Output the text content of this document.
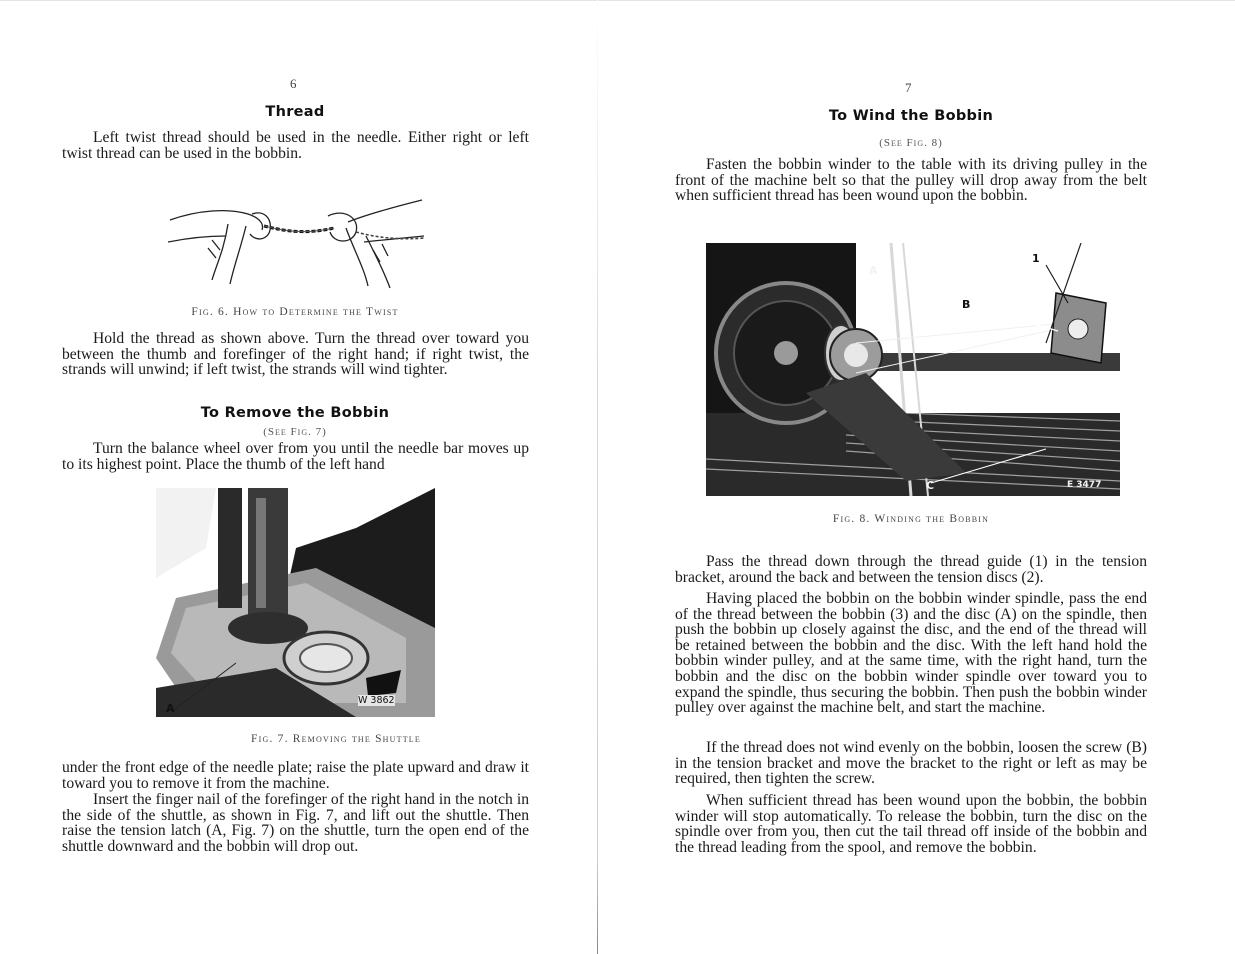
6
Thread

Left twist thread should be used in the needle. Either right or left twist thread can be used in the bobbin.

Fig. 6. How to Determine the Twist

Hold the thread as shown above. Turn the thread over toward you between the thumb and forefinger of the right hand; if right twist, the strands will unwind; if left twist, the strands will wind tighter.

To Remove the Bobbin
(See Fig. 7)

Turn the balance wheel over from you until the needle bar moves up to its highest point. Place the thumb of the left hand

A
W 3862
Fig. 7. Removing the Shuttle

under the front edge of the needle plate; raise the plate upward and draw it toward you to remove it from the machine.

Insert the finger nail of the forefinger of the right hand in the notch in the side of the shuttle, as shown in Fig. 7, and lift out the shuttle. Then raise the tension latch (A, Fig. 7) on the shuttle, turn the open end of the shuttle downward and the bobbin will drop out.

7
To Wind the Bobbin
(See Fig. 8)

Fasten the bobbin winder to the table with its driving pulley in the front of the machine belt so that the pulley will drop away from the belt when sufficient thread has been wound upon the bobbin.

A
B
C
1
E 3477
Fig. 8. Winding the Bobbin

Pass the thread down through the thread guide (1) in the tension bracket, around the back and between the tension discs (2).

Having placed the bobbin on the bobbin winder spindle, pass the end of the thread between the bobbin (3) and the disc (A) on the spindle, then push the bobbin up closely against the disc, and the end of the thread will be retained between the bobbin and the disc. With the left hand hold the bobbin winder pulley, and at the same time, with the right hand, turn the bobbin and the disc on the bobbin winder spindle over toward you to expand the spindle, thus securing the bobbin. Then push the bobbin winder pulley over against the machine belt, and start the machine.

If the thread does not wind evenly on the bobbin, loosen the screw (B) in the tension bracket and move the bracket to the right or left as may be required, then tighten the screw.

When sufficient thread has been wound upon the bobbin, the bobbin winder will stop automatically. To release the bobbin, turn the disc on the spindle over from you, then cut the tail thread off inside of the bobbin and the thread leading from the spool, and remove the bobbin.
